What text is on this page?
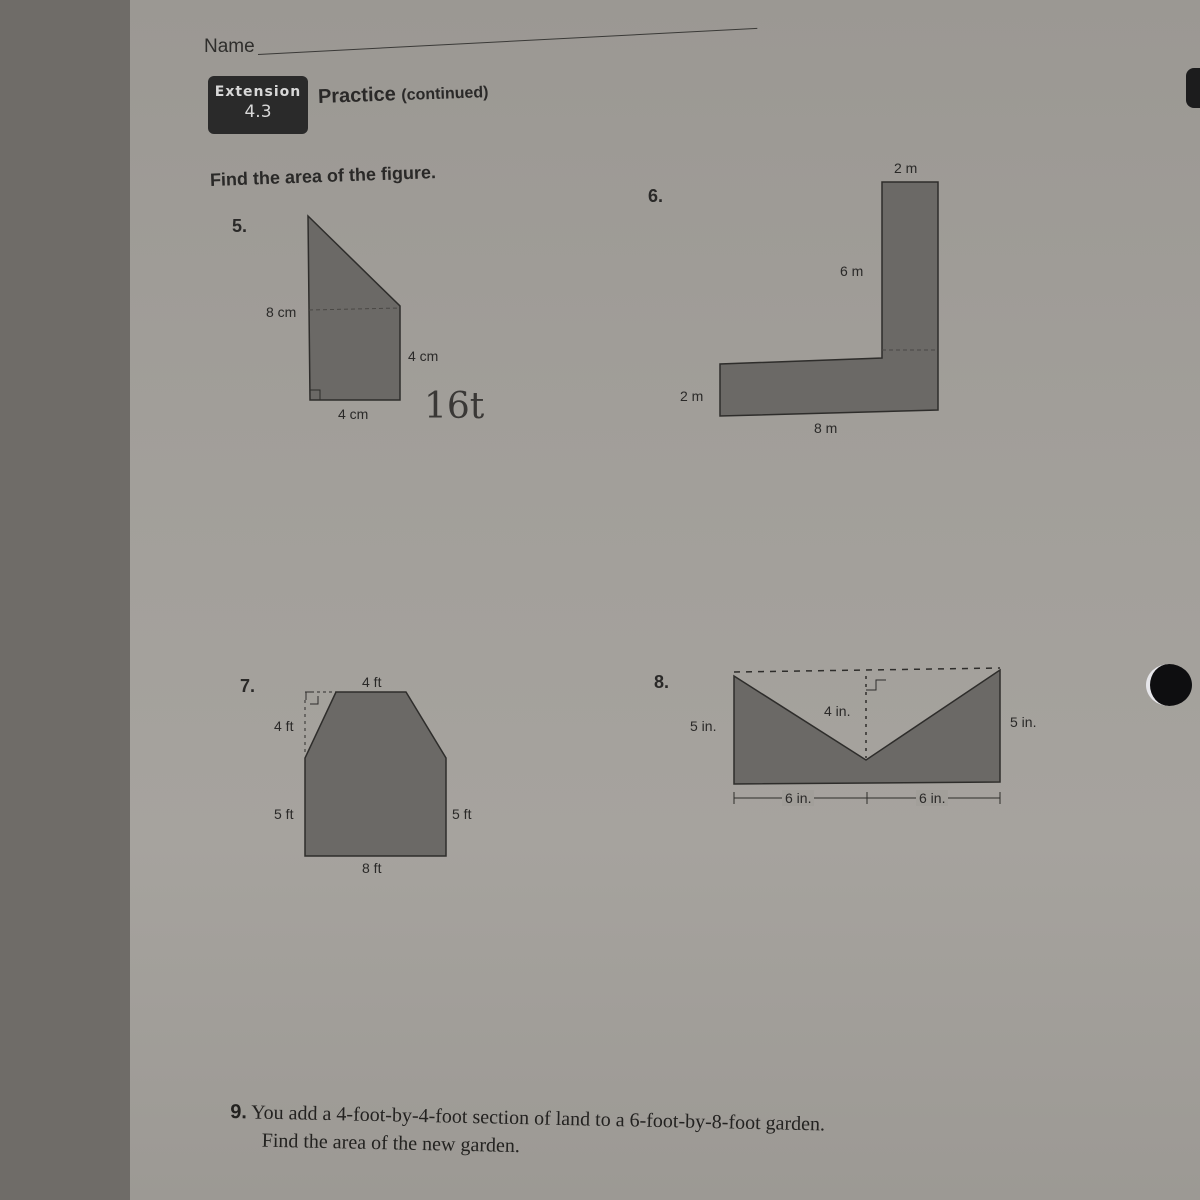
Name
Extension
4.3
Practice (continued)
Find the area of the figure.
5.
6.
7.	8.
8 cm
4 cm
4 cm 16t
2 m
6 m
2 m
8 m
4 ft
4 ft
5 ft	5 ft
8 ft
5 in.	5 in.
4 in.
6 in.	6 in.
9. You add a 4-foot-by-4-foot section of land to a 6-foot-by-8-foot garden.
Find the area of the new garden.
